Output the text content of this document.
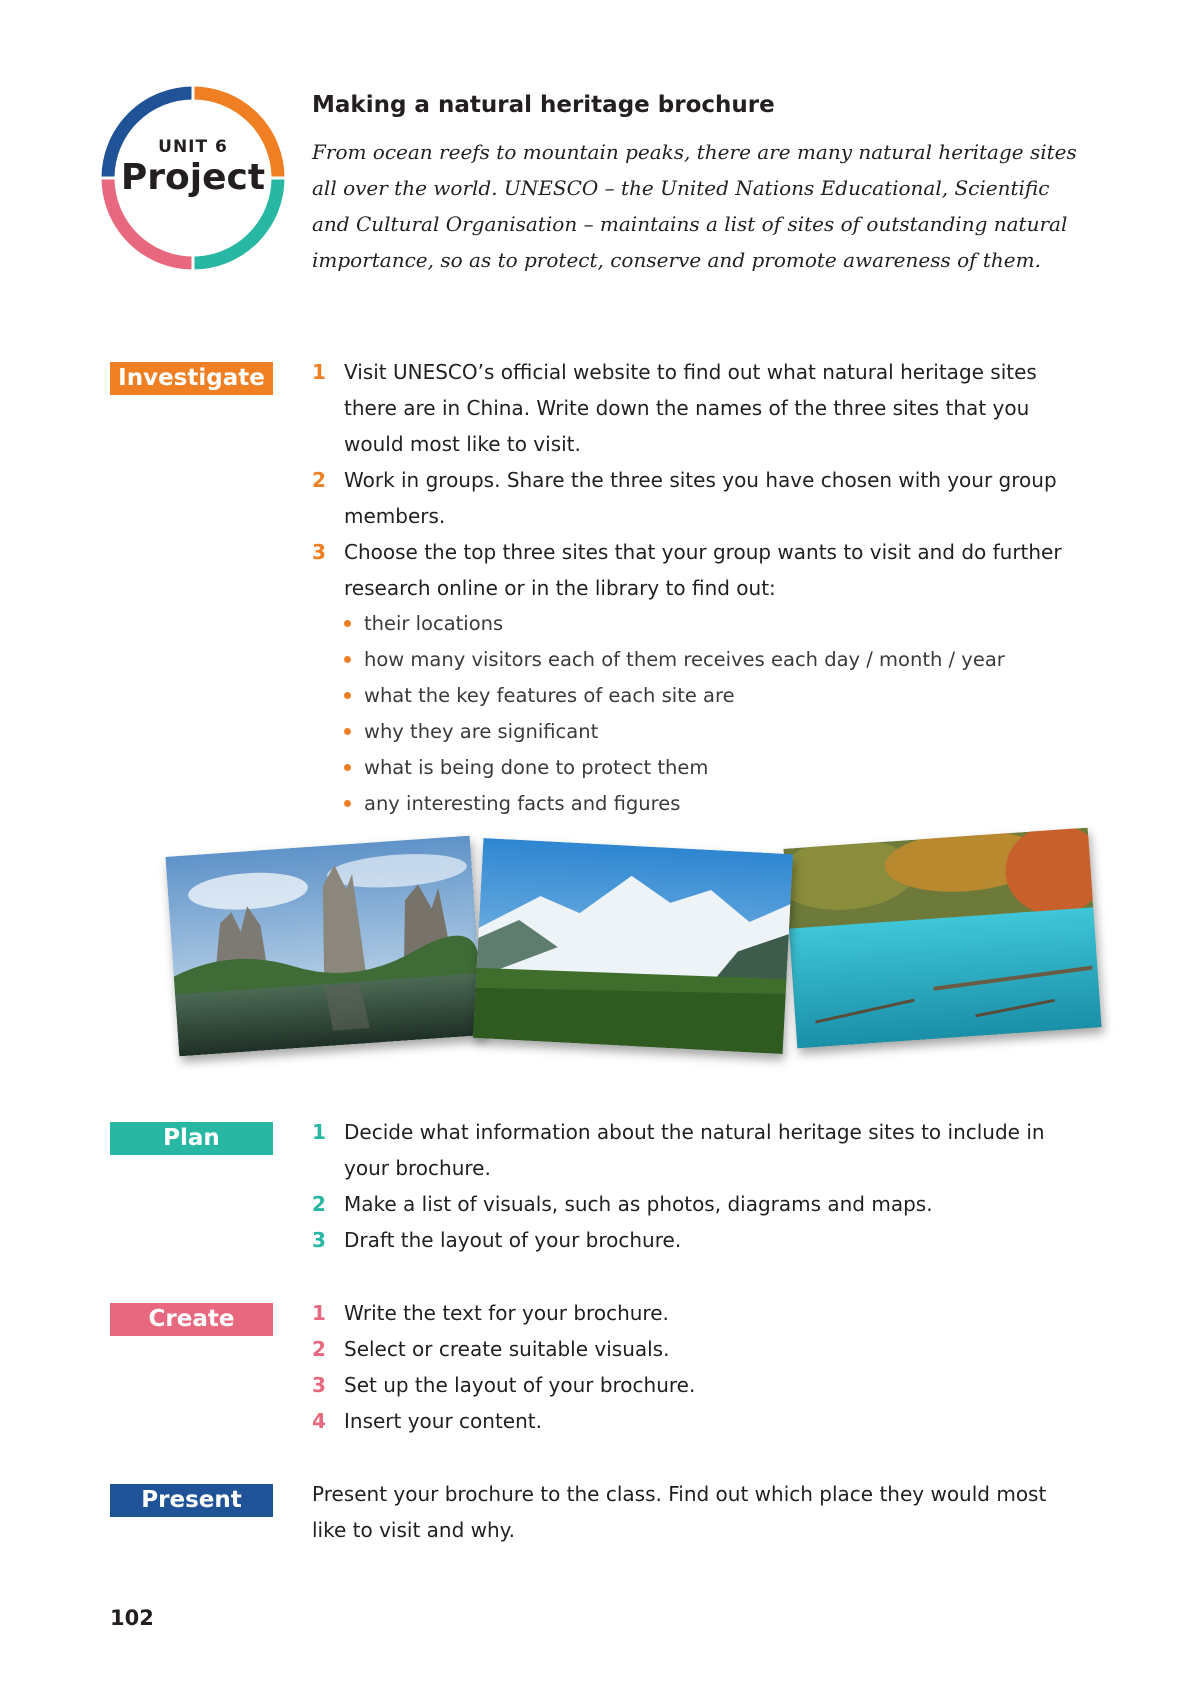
UNIT 6
Project
Making a natural heritage brochure

From ocean reefs to mountain peaks, there are many natural heritage sites all over the world. UNESCO – the United Nations Educational, Scientific and Cultural Organisation – maintains a list of sites of outstanding natural importance, so as to protect, conserve and promote awareness of them.

Investigate	1 Visit UNESCO’s official website to find out what natural heritage sites there are in China. Write down the names of the three sites that you would most like to visit.
2 Work in groups. Share the three sites you have chosen with your group members.
3 Choose the top three sites that your group wants to visit and do further research online or in the library to find out:
their locations
how many visitors each of them receives each day / month / year
what the key features of each site are
why they are significant
what is being done to protect them
any interesting facts and figures
Plan	1 Decide what information about the natural heritage sites to include in your brochure.
2 Make a list of visuals, such as photos, diagrams and maps.
3 Draft the layout of your brochure.
Create	1 Write the text for your brochure.
2 Select or create suitable visuals.
3 Set up the layout of your brochure.
4 Insert your content.
Present	Present your brochure to the class. Find out which place they would most like to visit and why.

102
